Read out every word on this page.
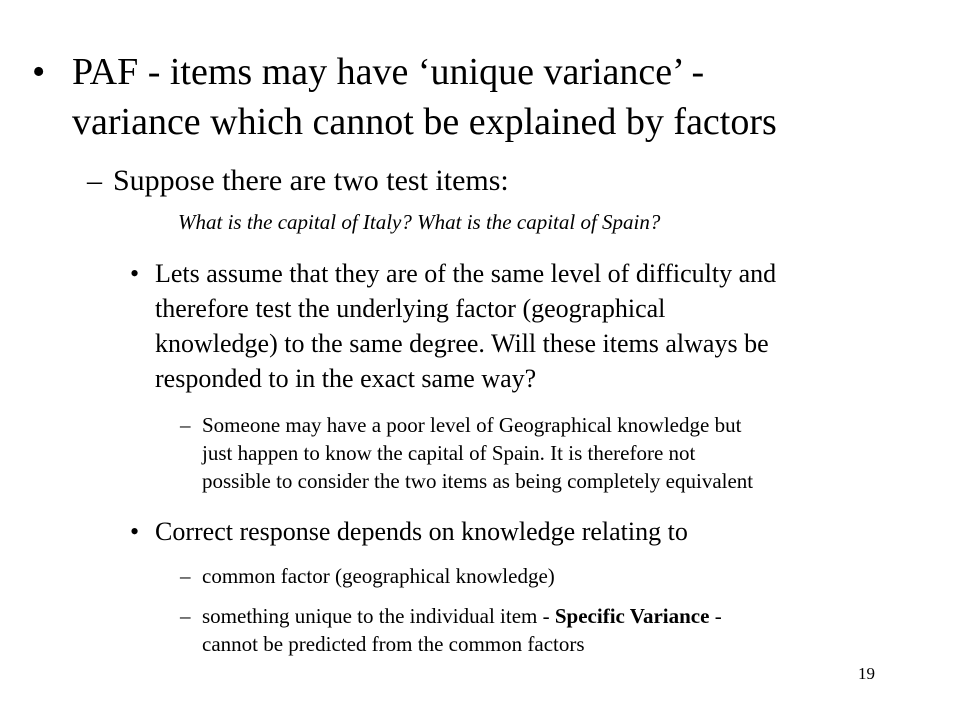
• PAF - items may have ‘unique variance’ -
variance which cannot be explained by factors
– Suppose there are two test items:
What is the capital of Italy? What is the capital of Spain?
• Lets assume that they are of the same level of difficulty and
therefore test the underlying factor (geographical
knowledge) to the same degree. Will these items always be
responded to in the exact same way?
– Someone may have a poor level of Geographical knowledge but
just happen to know the capital of Spain. It is therefore not
possible to consider the two items as being completely equivalent
• Correct response depends on knowledge relating to
– common factor (geographical knowledge)
– something unique to the individual item - Specific Variance -
cannot be predicted from the common factors
19
